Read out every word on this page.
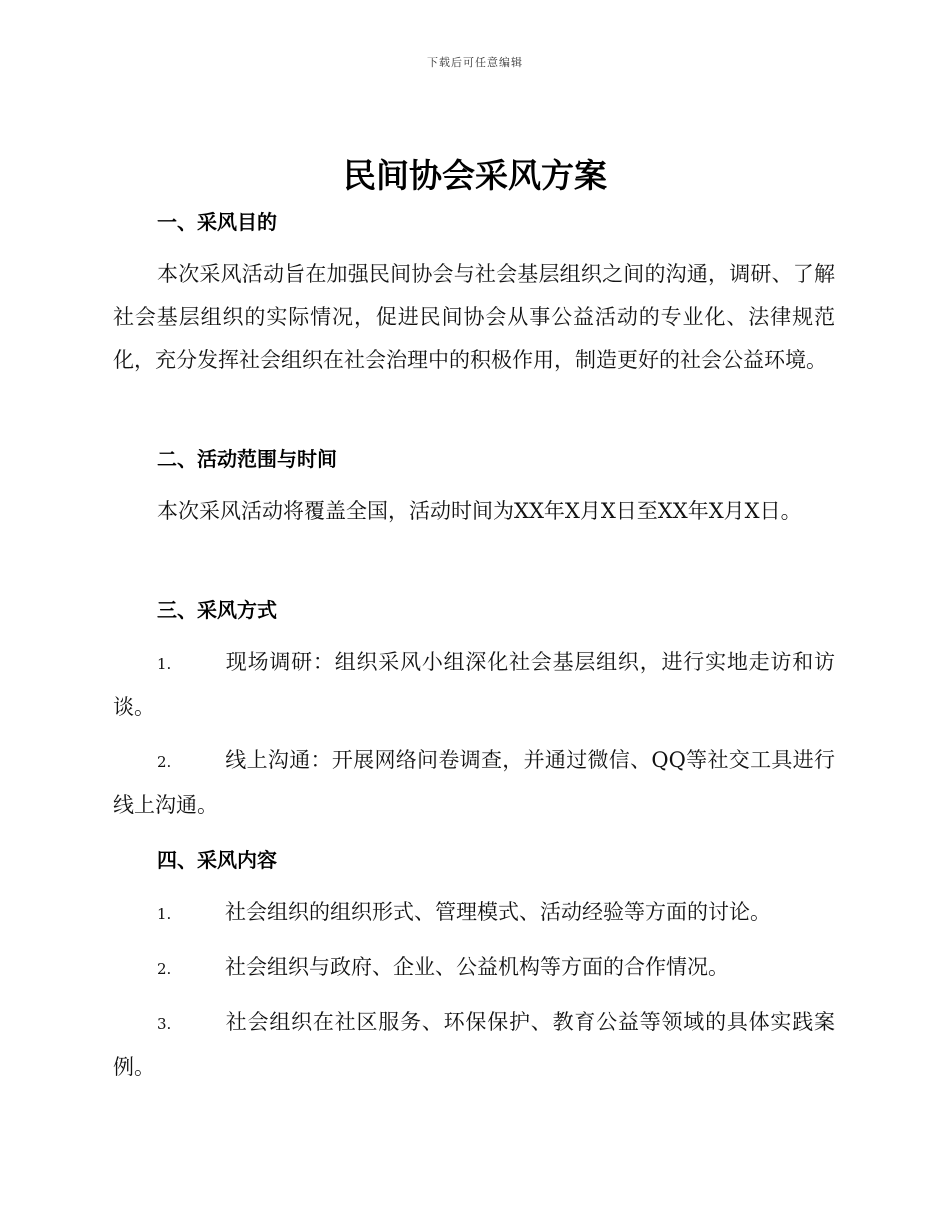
下载后可任意编辑
民间协会采风方案
一、采风目的

本次采风活动旨在加强民间协会与社会基层组织之间的沟通，调研、了解社会基层组织的实际情况，促进民间协会从事公益活动的专业化、法律规范化，充分发挥社会组织在社会治理中的积极作用，制造更好的社会公益环境。

二、活动范围与时间

本次采风活动将覆盖全国，活动时间为XX年X月X日至XX年X月X日。

三、采风方式

1.	现场调研：组织采风小组深化社会基层组织，进行实地走访和访谈。

2.	线上沟通：开展网络问卷调查，并通过微信、QQ等社交工具进行线上沟通。

四、采风内容

1.	社会组织的组织形式、管理模式、活动经验等方面的讨论。

2.	社会组织与政府、企业、公益机构等方面的合作情况。

3.	社会组织在社区服务、环保保护、教育公益等领域的具体实践案例。
